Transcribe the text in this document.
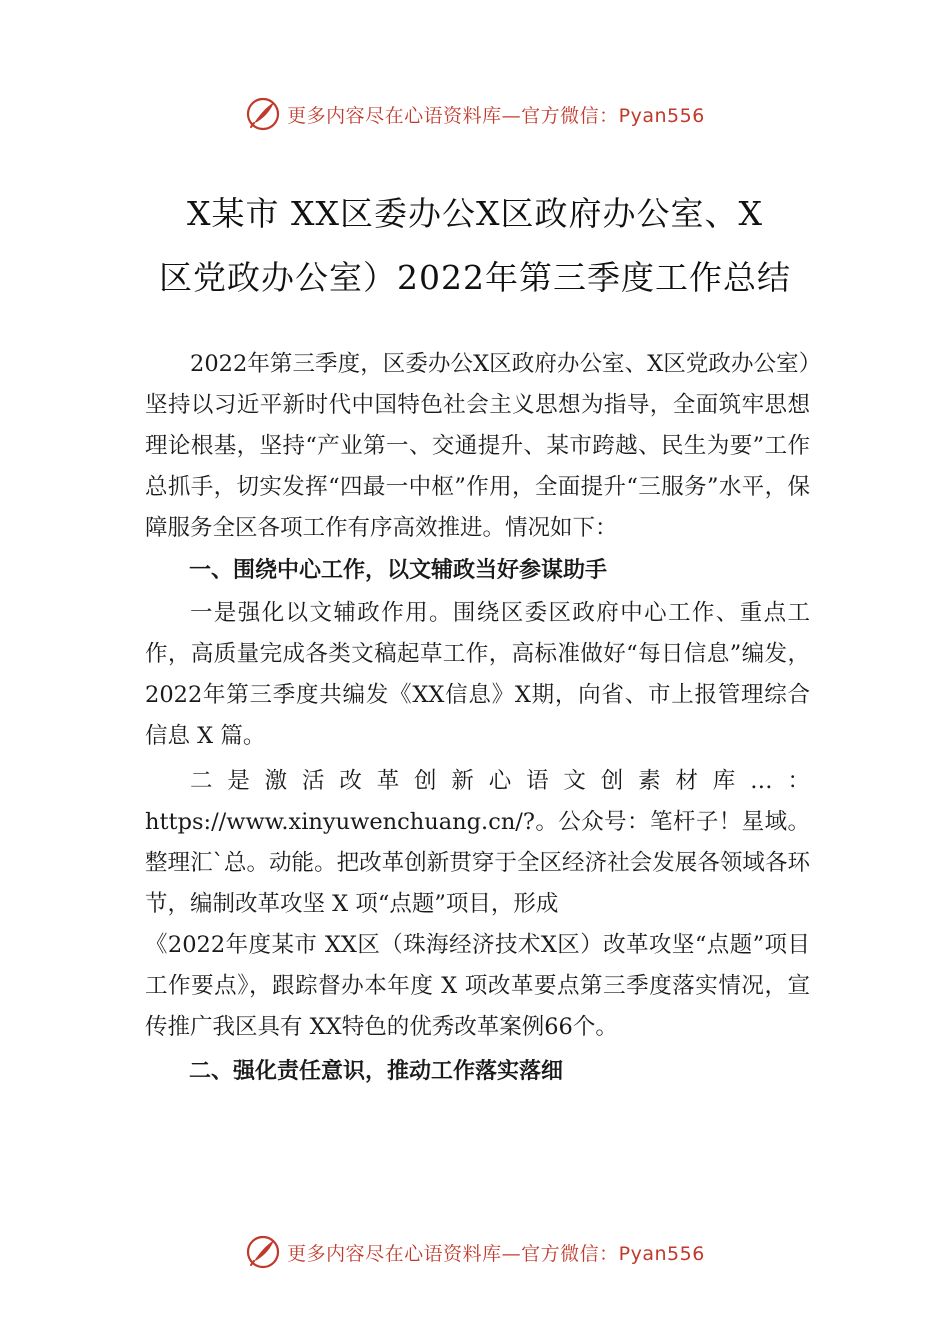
更多内容尽在心语资料库—官方微信：Pyan556
X某市 XX区委办公X区政府办公室、X
区党政办公室）2022年第三季度工作总结

2022年第三季度，区委办公X区政府办公室、X区党政办公室）坚持以习近平新时代中国特色社会主义思想为指导，全面筑牢思想理论根基，坚持“产业第一、交通提升、某市跨越、民生为要”工作总抓手，切实发挥“四最一中枢”作用，全面提升“三服务”水平，保障服务全区各项工作有序高效推进。情况如下：

一、围绕中心工作，以文辅政当好参谋助手

一是强化以文辅政作用。围绕区委区政府中心工作、重点工作，高质量完成各类文稿起草工作，高标准做好“每日信息”编发，2022年第三季度共编发《XX信息》X期，向省、市上报管理综合信息 X 篇。

二是激活改革创新心语文创素材库…：https://www.xinyuwenchuang.cn/?。公众号：笔杆子！星域。整理汇`总。动能。把改革创新贯穿于全区经济社会发展各领域各环节，编制改革攻坚 X 项“点题”项目，形成
《2022年度某市 XX区（珠海经济技术X区）改革攻坚“点题”项目工作要点》，跟踪督办本年度 X 项改革要点第三季度落实情况，宣传推广我区具有 XX特色的优秀改革案例66个。

二、强化责任意识，推动工作落实落细

更多内容尽在心语资料库—官方微信：Pyan556
